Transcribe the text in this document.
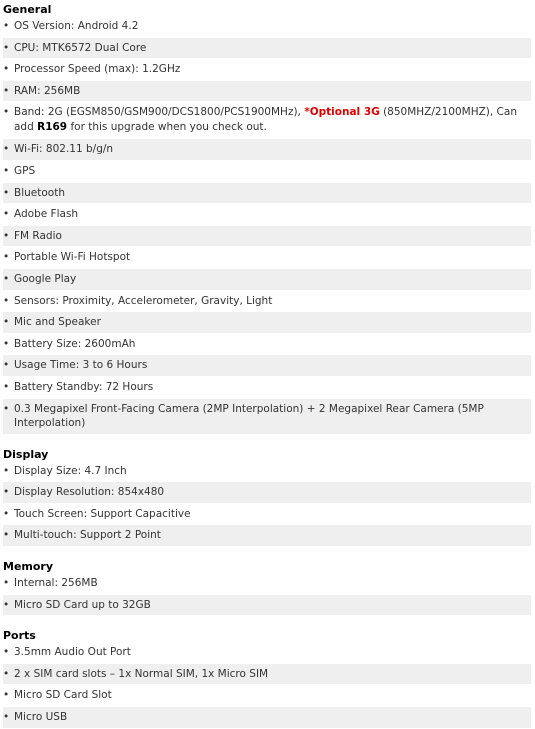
General
• OS Version: Android 4.2
• CPU: MTK6572 Dual Core
• Processor Speed (max): 1.2GHz
• RAM: 256MB
• Band: 2G (EGSM850/GSM900/DCS1800/PCS1900MHz), *Optional 3G (850MHZ/2100MHZ), Can add R169 for this upgrade when you check out.
• Wi-Fi: 802.11 b/g/n
• GPS
• Bluetooth
• Adobe Flash
• FM Radio
• Portable Wi-Fi Hotspot
• Google Play
• Sensors: Proximity, Accelerometer, Gravity, Light
• Mic and Speaker
• Battery Size: 2600mAh
• Usage Time: 3 to 6 Hours
• Battery Standby: 72 Hours
• 0.3 Megapixel Front-Facing Camera (2MP Interpolation) + 2 Megapixel Rear Camera (5MP Interpolation)
Display
• Display Size: 4.7 Inch
• Display Resolution: 854x480
• Touch Screen: Support Capacitive
• Multi-touch: Support 2 Point
Memory
• Internal: 256MB
• Micro SD Card up to 32GB
Ports
• 3.5mm Audio Out Port
• 2 x SIM card slots – 1x Normal SIM, 1x Micro SIM
• Micro SD Card Slot
• Micro USB
